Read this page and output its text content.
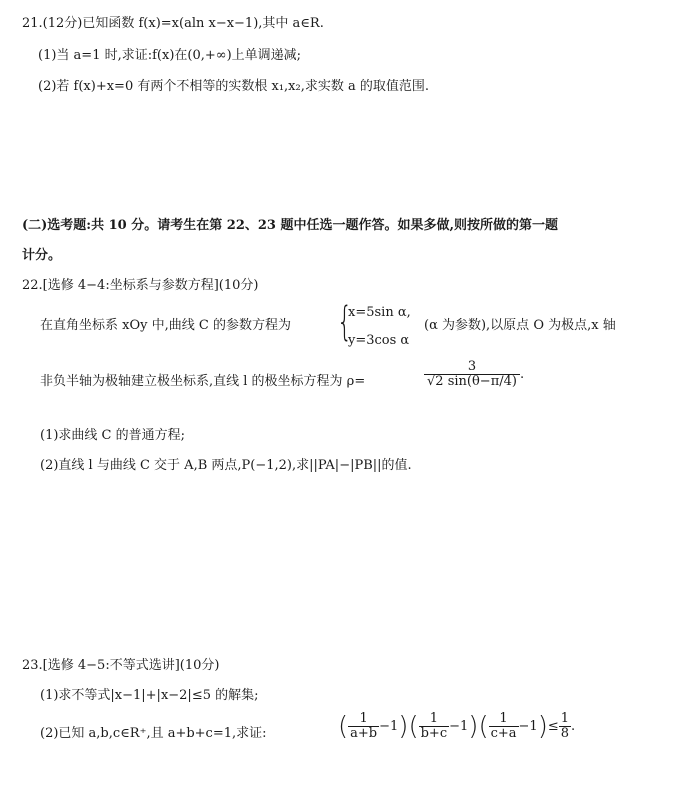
21.(12分)已知函数 f(x)=x(aln x−x−1),其中 a∈R.
(1)当 a=1 时,求证:f(x)在(0,+∞)上单调递减;
(2)若 f(x)+x=0 有两个不相等的实数根 x₁,x₂,求实数 a 的取值范围.
(二)选考题:共 10 分。请考生在第 22、23 题中任选一题作答。如果多做,则按所做的第一题
计分。
22.[选修 4−4:坐标系与参数方程](10分)
在直角坐标系 xOy 中,曲线 C 的参数方程为 {
x=5sin α,
y=3cos α
(α 为参数),以原点 O 为极点,x 轴
非负半轴为极轴建立极坐标系,直线 l 的极坐标方程为 ρ=	$\frac{3}{√2 \sin(\theta-\pi/4)}$ .
(1)求曲线 C 的普通方程;
(2)直线 l 与曲线 C 交于 A,B 两点,P(−1,2),求||PA|−|PB||的值.
23.[选修 4−5:不等式选讲](10分)
(1)求不等式|x−1|+|x−2|≤5 的解集;
(2)已知 a,b,c∈R⁺,且 a+b+c=1,求证:	( $\frac{1}{a+b} -1)( \frac{1}{b+c} -1)( \frac{1}{c+a} -1)\le \frac{1}{8}$ .
